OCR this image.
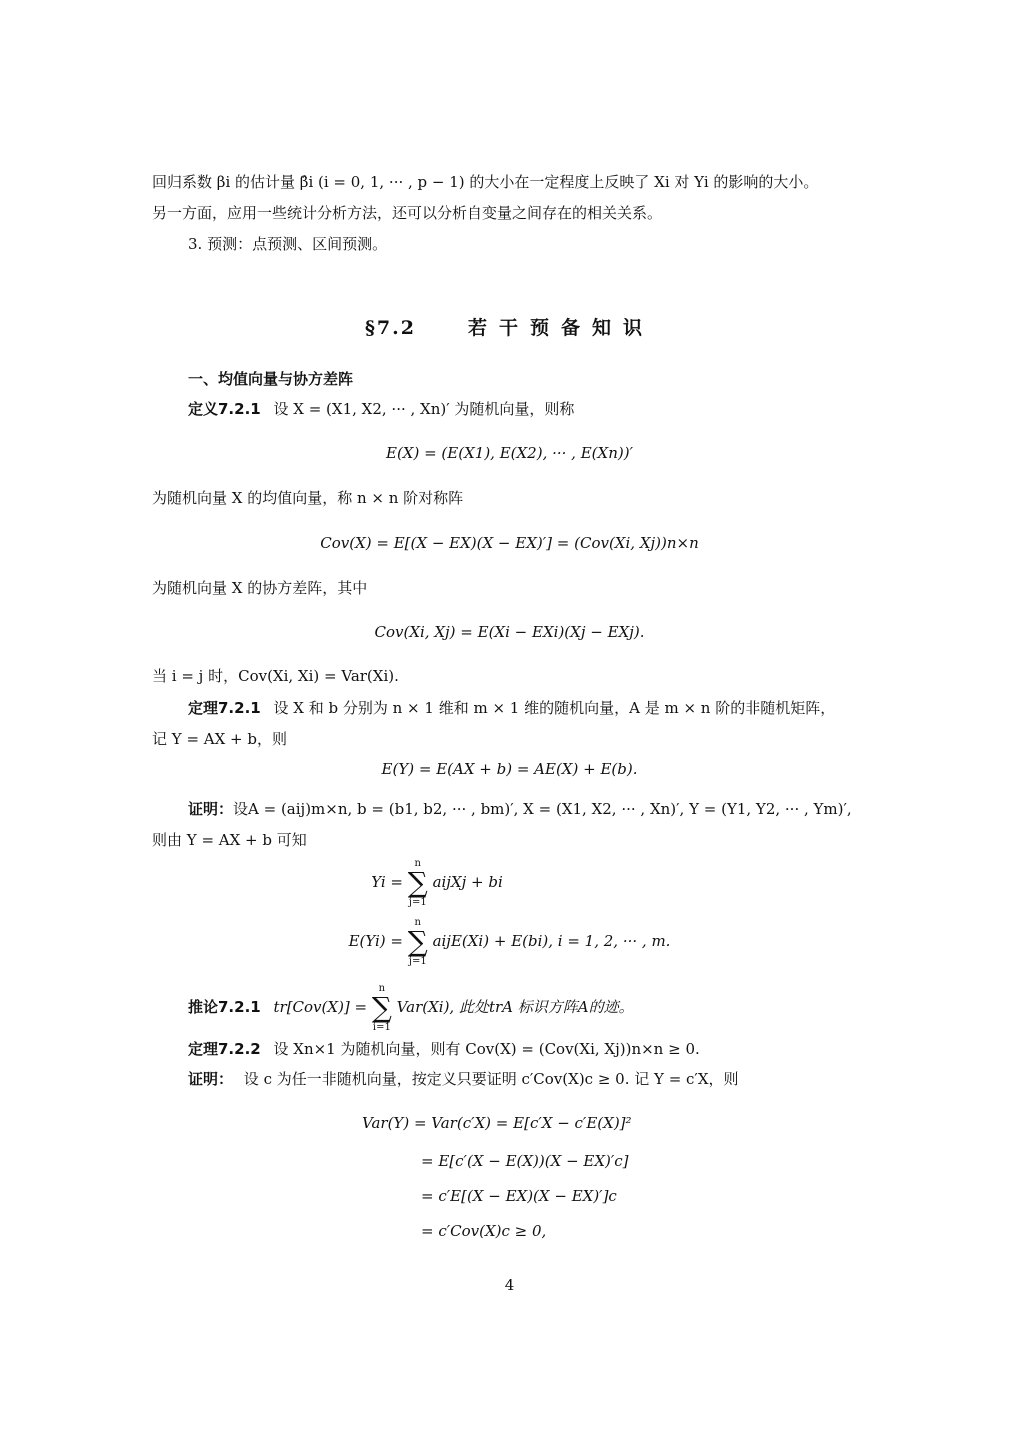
回归系数 βi 的估计量 β̂i (i = 0, 1, ··· , p − 1) 的大小在一定程度上反映了 Xi 对 Yi 的影响的大小。
另一方面，应用一些统计分析方法，还可以分析自变量之间存在的相关关系。
3. 预测：点预测、区间预测。
§7.2	若干预备知识
一、均值向量与协方差阵
定义7.2.1 设 X = (X1, X2, ··· , Xn)′ 为随机向量，则称
E(X) = (E(X1), E(X2), ··· , E(Xn))′
为随机向量 X 的均值向量，称 n × n 阶对称阵
Cov(X) = E[(X − EX)(X − EX)′] = (Cov(Xi, Xj))n×n
为随机向量 X 的协方差阵，其中
Cov(Xi, Xj) = E(Xi − EXi)(Xj − EXj).
当 i = j 时，Cov(Xi, Xi) = Var(Xi).
定理7.2.1 设 X 和 b 分别为 n × 1 维和 m × 1 维的随机向量，A 是 m × n 阶的非随机矩阵，
记 Y = AX + b，则
E(Y) = E(AX + b) = AE(X) + E(b).
证明：设A = (aij)m×n, b = (b1, b2, ··· , bm)′, X = (X1, X2, ··· , Xn)′, Y = (Y1, Y2, ··· , Ym)′,
则由 Y = AX + b 可知
Yi =
n
∑
j=1
aijXj + bi
E(Yi) =
n
∑
j=1
aijE(Xi) + E(bi), i = 1, 2, ··· , m.
推论7.2.1 tr[Cov(X)] =
n
∑
i=1
Var(Xi), 此处trA 标识方阵A的迹。
定理7.2.2 设 Xn×1 为随机向量，则有 Cov(X) = (Cov(Xi, Xj))n×n ≥ 0.
证明： 设 c 为任一非随机向量，按定义只要证明 c′Cov(X)c ≥ 0. 记 Y = c′X，则
Var(Y) = Var(c′X) = E[c′X − c′E(X)]²
= E[c′(X − E(X))(X − EX)′c]
= c′E[(X − EX)(X − EX)′]c
= c′Cov(X)c ≥ 0,
4
